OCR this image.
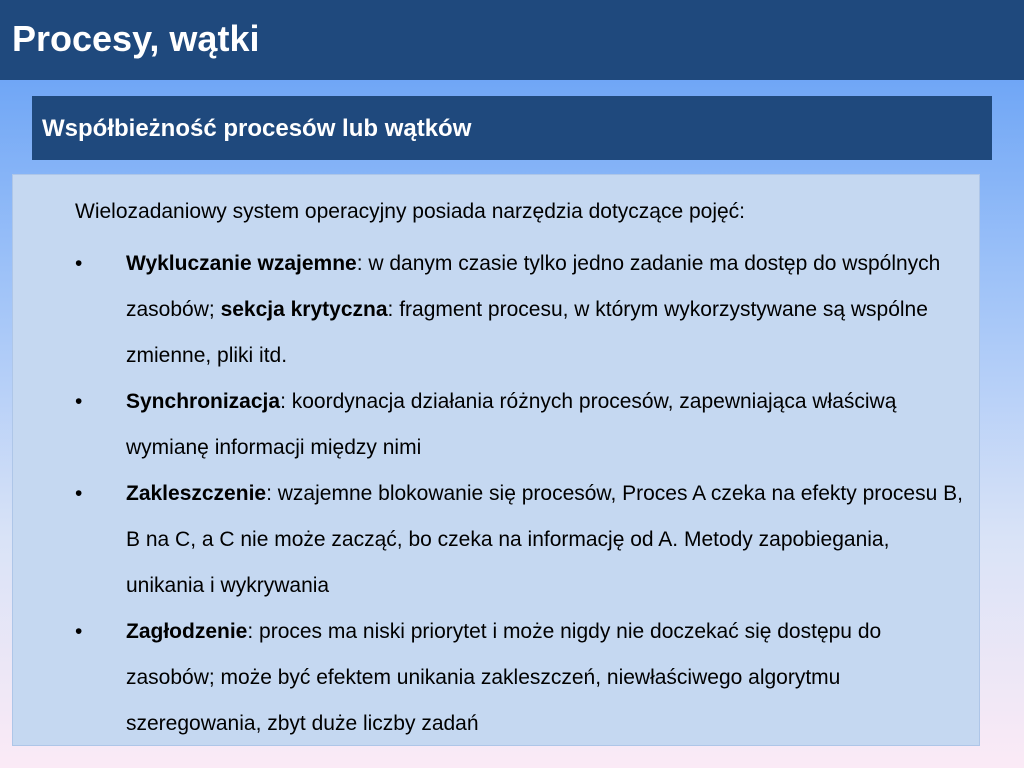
Procesy, wątki
Współbieżność procesów lub wątków
Wielozadaniowy system operacyjny posiada narzędzia dotyczące pojęć:
•	Wykluczanie wzajemne: w danym czasie tylko jedno zadanie ma dostęp do wspólnych zasobów; sekcja krytyczna: fragment procesu, w którym wykorzystywane są wspólne zmienne, pliki itd.
•	Synchronizacja: koordynacja działania różnych procesów, zapewniająca właściwą wymianę informacji między nimi
•	Zakleszczenie: wzajemne blokowanie się procesów, Proces A czeka na efekty procesu B, B na C, a C nie może zacząć, bo czeka na informację od A. Metody zapobiegania, unikania i wykrywania
•	Zagłodzenie: proces ma niski priorytet i może nigdy nie doczekać się dostępu do zasobów; może być efektem unikania zakleszczeń, niewłaściwego algorytmu szeregowania, zbyt duże liczby zadań
